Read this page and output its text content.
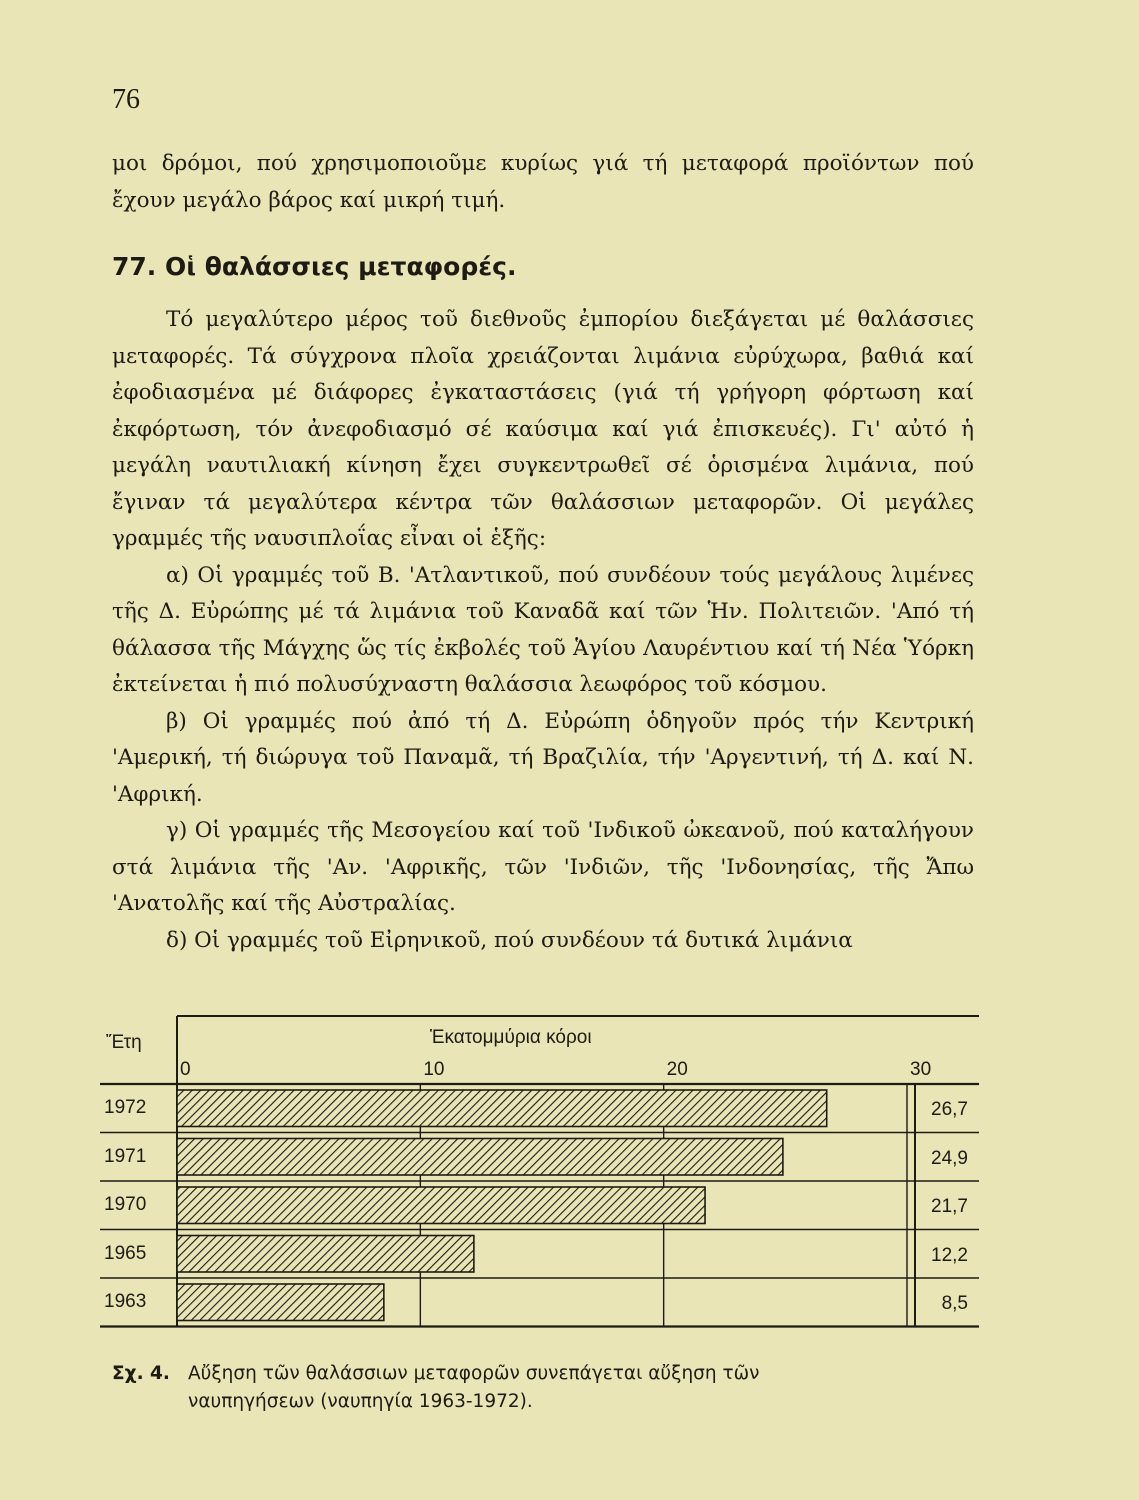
76

μοι δρόμοι, πού χρησιμοποιοῦμε κυρίως γιά τή μεταφορά προϊόντων πού ἔχουν μεγάλο βάρος καί μικρή τιμή.

77. Οἱ θαλάσσιες μεταφορές.

Τό μεγαλύτερο μέρος τοῦ διεθνοῦς ἐμπορίου διεξάγεται μέ θαλάσσιες μεταφορές. Τά σύγχρονα πλοῖα χρειάζονται λιμάνια εὐρύχωρα, βαθιά καί ἐφοδιασμένα μέ διάφορες ἐγκαταστάσεις (γιά τή γρήγορη φόρτωση καί ἐκφόρτωση, τόν ἀνεφοδιασμό σέ καύσιμα καί γιά ἐπισκευές). Γι' αὐτό ἡ μεγάλη ναυτιλιακή κίνηση ἔχει συγκεντρωθεῖ σέ ὁρισμένα λιμάνια, πού ἔγιναν τά μεγαλύτερα κέντρα τῶν θαλάσσιων μεταφορῶν. Οἱ μεγάλες γραμμές τῆς ναυσιπλοΐας εἶναι οἱ ἑξῆς:

α) Οἱ γραμμές τοῦ Β. 'Ατλαντικοῦ, πού συνδέουν τούς μεγάλους λιμένες τῆς Δ. Εὐρώπης μέ τά λιμάνια τοῦ Καναδᾶ καί τῶν Ἡν. Πολιτειῶν. 'Από τή θάλασσα τῆς Μάγχης ὥς τίς ἐκβολές τοῦ Ἁγίου Λαυρέντιου καί τή Νέα Ὑόρκη ἐκτείνεται ἡ πιό πολυσύχναστη θαλάσσια λεωφόρος τοῦ κόσμου.

β) Οἱ γραμμές πού ἀπό τή Δ. Εὐρώπη ὁδηγοῦν πρός τήν Κεντρική 'Αμερική, τή διώρυγα τοῦ Παναμᾶ, τή Βραζιλία, τήν 'Αργεντινή, τή Δ. καί Ν. 'Αφρική.

γ) Οἱ γραμμές τῆς Μεσογείου καί τοῦ 'Ινδικοῦ ὠκεανοῦ, πού καταλήγουν στά λιμάνια τῆς 'Αν. 'Αφρικῆς, τῶν 'Ινδιῶν, τῆς 'Ινδονησίας, τῆς Ἄπω 'Ανατολῆς καί τῆς Αὐστραλίας.

δ) Οἱ γραμμές τοῦ Εἰρηνικοῦ, πού συνδέουν τά δυτικά λιμάνια

Ἔτη	Ἑκατομμύρια κόροι
0	10	20	30
1972	26,7
1971	24,9
1970	21,7
1965	12,2
1963	8,5
Σχ. 4. Αὔξηση τῶν θαλάσσιων μεταφορῶν συνεπάγεται αὔξηση τῶν
ναυπηγήσεων (ναυπηγία 1963-1972).
